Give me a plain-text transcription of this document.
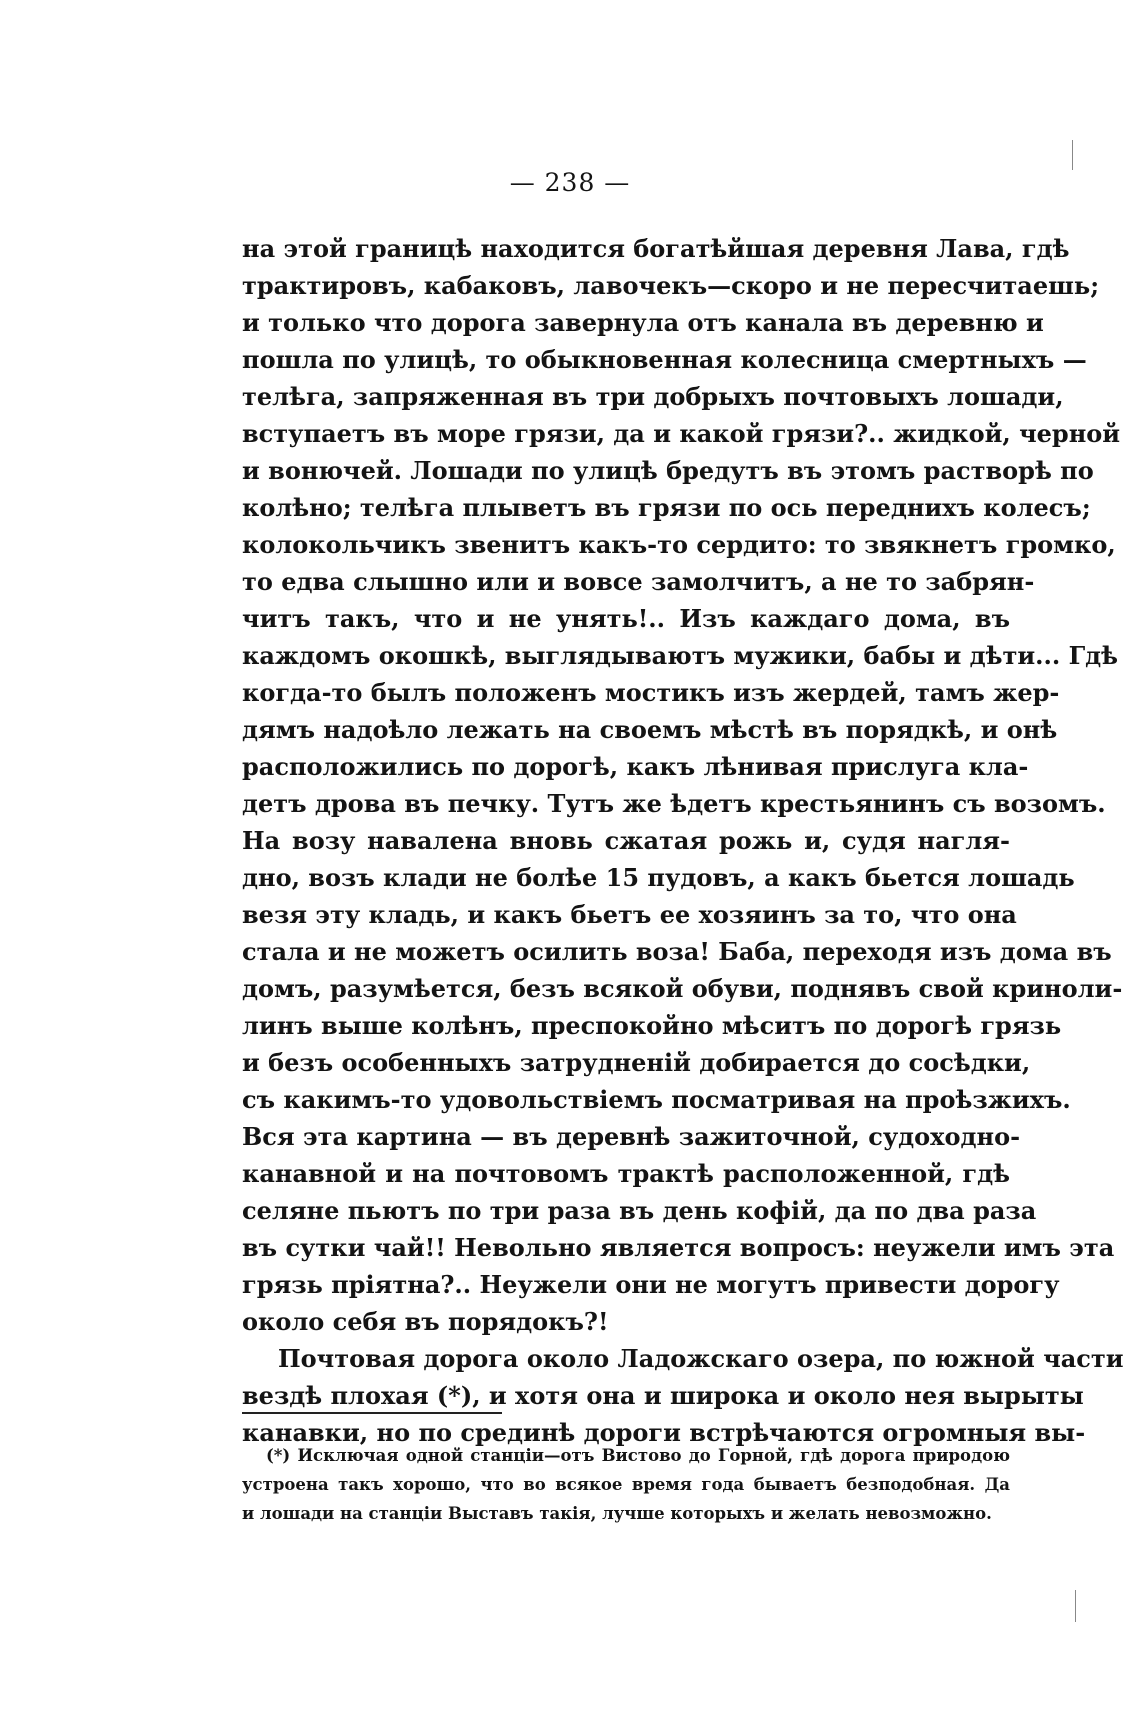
— 238 —
на этой границѣ находится богатѣйшая деревня Лава, гдѣ
трактировъ, кабаковъ, лавочекъ—скоро и не пересчитаешь;
и только что дорога завернула отъ канала въ деревню и
пошла по улицѣ, то обыкновенная колесница смертныхъ —
телѣга, запряженная въ три добрыхъ почтовыхъ лошади,
вступаетъ въ море грязи, да и какой грязи?.. жидкой, черной
и вонючей. Лошади по улицѣ бредутъ въ этомъ растворѣ по
колѣно; телѣга плыветъ въ грязи по ось переднихъ колесъ;
колокольчикъ звенитъ какъ-то сердито: то звякнетъ громко,
то едва слышно или и вовсе замолчитъ, а не то забрян-
читъ такъ, что и не унять!.. Изъ каждаго дома, въ
каждомъ окошкѣ, выглядываютъ мужики, бабы и дѣти... Гдѣ
когда-то былъ положенъ мостикъ изъ жердей, тамъ жер-
дямъ надоѣло лежать на своемъ мѣстѣ въ порядкѣ, и онѣ
расположились по дорогѣ, какъ лѣнивая прислуга кла-
детъ дрова въ печку. Тутъ же ѣдетъ крестьянинъ съ возомъ.
На возу навалена вновь сжатая рожь и, судя нагля-
дно, возъ клади не болѣе 15 пудовъ, а какъ бьется лошадь
везя эту кладь, и какъ бьетъ ее хозяинъ за то, что она
стала и не можетъ осилить воза! Баба, переходя изъ дома въ
домъ, разумѣется, безъ всякой обуви, поднявъ свой криноли-
линъ выше колѣнъ, преспокойно мѣситъ по дорогѣ грязь
и безъ особенныхъ затрудненій добирается до сосѣдки,
съ какимъ-то удовольствіемъ посматривая на проѣзжихъ.
Вся эта картина — въ деревнѣ зажиточной, судоходно-
канавной и на почтовомъ трактѣ расположенной, гдѣ
селяне пьютъ по три раза въ день кофій, да по два раза
въ сутки чай!! Невольно является вопросъ: неужели имъ эта
грязь пріятна?.. Неужели они не могутъ привести дорогу
около себя въ порядокъ?!
Почтовая дорога около Ладожскаго озера, по южной части
вездѣ плохая (*), и хотя она и широка и около нея вырыты
канавки, но по срединѣ дороги встрѣчаются огромныя вы-
(*) Исключая одной станціи—отъ Вистово до Горной, гдѣ дорога природою
устроена такъ хорошо, что во всякое время года бываетъ безподобная. Да
и лошади на станціи Выставъ такія, лучше которыхъ и желать невозможно.
